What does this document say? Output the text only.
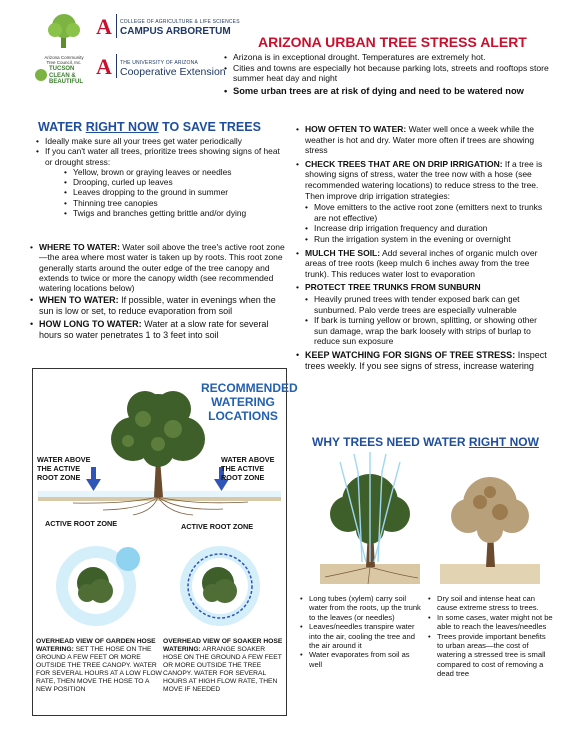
Arizona Community Tree Council, Inc.
TUCSON
CLEAN &
BEAUTIFUL
A COLLEGE OF AGRICULTURE & LIFE SCIENCES
CAMPUS ARBORETUM
A THE UNIVERSITY OF ARIZONA
Cooperative Extension
ARIZONA URBAN TREE STRESS ALERT
• Arizona is in exceptional drought. Temperatures are extremely hot.
• Cities and towns are especially hot because parking lots, streets and rooftops store summer heat day and night
• Some urban trees are at risk of dying and need to be watered now
WATER RIGHT NOW TO SAVE TREES
• Ideally make sure all your trees get water periodically
• If you can't water all trees, prioritize trees showing signs of heat or drought stress:
• Yellow, brown or graying leaves or needles
• Drooping, curled up leaves
• Leaves dropping to the ground in summer
• Thinning tree canopies
• Twigs and branches getting brittle and/or dying
• WHERE TO WATER: Water soil above the tree's active root zone—the area where most water is taken up by roots. This root zone generally starts around the outer edge of the tree canopy and extends to twice or more the canopy width (see recommended watering locations below)
• WHEN TO WATER: If possible, water in evenings when the sun is low or set, to reduce evaporation from soil
• HOW LONG TO WATER: Water at a slow rate for several hours so water penetrates 1 to 3 feet into soil
• HOW OFTEN TO WATER: Water well once a week while the weather is hot and dry. Water more often if trees are showing stress
• CHECK TREES THAT ARE ON DRIP IRRIGATION: If a tree is showing signs of stress, water the tree now with a hose (see recommended watering locations) to reduce stress to the tree. Then improve drip irrigation strategies:
• Move emitters to the active root zone (emitters next to trunks are not effective)
• Increase drip irrigation frequency and duration
• Run the irrigation system in the evening or overnight
• MULCH THE SOIL: Add several inches of organic mulch over areas of tree roots (keep mulch 6 inches away from the tree trunk). This reduces water lost to evaporation
• PROTECT TREE TRUNKS FROM SUNBURN
• Heavily pruned trees with tender exposed bark can get sunburned. Palo verde trees are especially vulnerable
• If bark is turning yellow or brown, splitting, or showing other sun damage, wrap the bark loosely with strips of burlap to reduce sun exposure
• KEEP WATCHING FOR SIGNS OF TREE STRESS: Inspect trees weekly. If you see signs of stress, increase watering
RECOMMENDED
WATERING
LOCATIONS
WATER ABOVE
THE ACTIVE
ROOT ZONE
WATER ABOVE
THE ACTIVE
ROOT ZONE
ACTIVE ROOT ZONE	ACTIVE ROOT ZONE
OVERHEAD VIEW OF GARDEN HOSE WATERING: SET THE HOSE ON THE GROUND A FEW FEET OR MORE OUTSIDE THE TREE CANOPY. WATER FOR SEVERAL HOURS AT A LOW FLOW RATE, THEN MOVE THE HOSE TO A NEW POSITION
OVERHEAD VIEW OF SOAKER HOSE WATERING: ARRANGE SOAKER HOSE ON THE GROUND A FEW FEET OR MORE OUTSIDE THE TREE CANOPY. WATER FOR SEVERAL HOURS AT HIGH FLOW RATE, THEN MOVE IF NEEDED
WHY TREES NEED WATER RIGHT NOW
• Long tubes (xylem) carry soil water from the roots, up the trunk to the leaves (or needles)
• Leaves/needles transpire water into the air, cooling the tree and the air around it
• Water evaporates from soil as well
• Dry soil and intense heat can cause extreme stress to trees.
• In some cases, water might not be able to reach the leaves/needles
• Trees provide important benefits to urban areas—the cost of watering a stressed tree is small compared to cost of removing a dead tree
